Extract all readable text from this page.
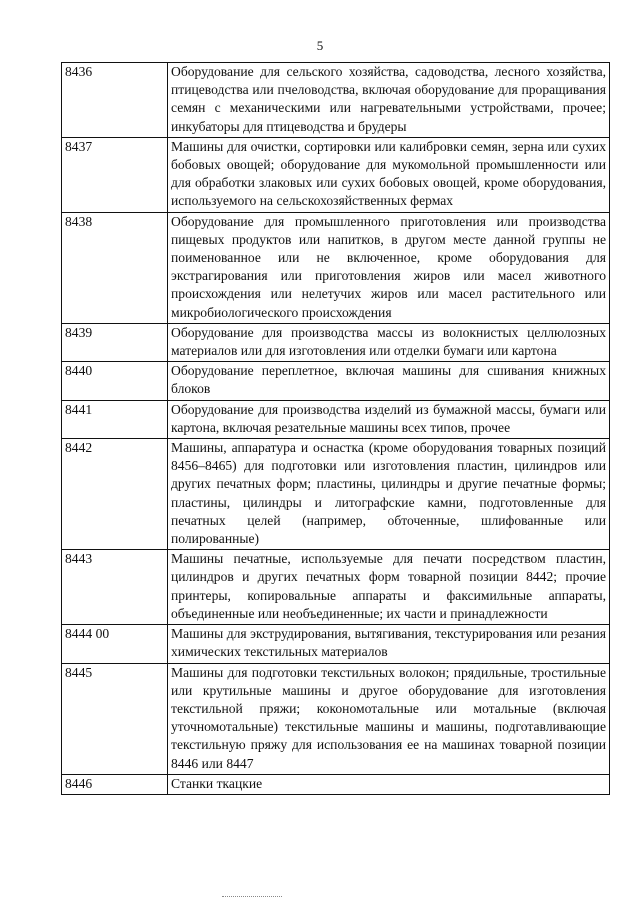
5
8436	Оборудование для сельского хозяйства, садоводства, лесного хозяйства, птицеводства или пчеловодства, включая оборудование для проращивания семян с механическими или нагревательными устройствами, прочее; инкубаторы для птицеводства и брудеры
8437	Машины для очистки, сортировки или калибровки семян, зерна или сухих бобовых овощей; оборудование для мукомольной промышленности или для обработки злаковых или сухих бобовых овощей, кроме оборудования, используемого на сельскохозяйственных фермах
8438	Оборудование для промышленного приготовления или производства пищевых продуктов или напитков, в другом месте данной группы не поименованное или не включенное, кроме оборудования для экстрагирования или приготовления жиров или масел животного происхождения или нелетучих жиров или масел растительного или микробиологического происхождения
8439	Оборудование для производства массы из волокнистых целлюлозных материалов или для изготовления или отделки бумаги или картона
8440	Оборудование переплетное, включая машины для сшивания книжных блоков
8441	Оборудование для производства изделий из бумажной массы, бумаги или картона, включая резательные машины всех типов, прочее
8442	Машины, аппаратура и оснастка (кроме оборудования товарных позиций 8456–8465) для подготовки или изготовления пластин, цилиндров или других печатных форм; пластины, цилиндры и другие печатные формы; пластины, цилиндры и литографские камни, подготовленные для печатных целей (например, обточенные, шлифованные или полированные)
8443	Машины печатные, используемые для печати посредством пластин, цилиндров и других печатных форм товарной позиции 8442; прочие принтеры, копировальные аппараты и факсимильные аппараты, объединенные или необъединенные; их части и принадлежности
8444 00	Машины для экструдирования, вытягивания, текстурирования или резания химических текстильных материалов
8445	Машины для подготовки текстильных волокон; прядильные, тростильные или крутильные машины и другое оборудование для изготовления текстильной пряжи; кокономотальные или мотальные (включая уточномотальные) текстильные машины и машины, подготавливающие текстильную пряжу для использования ее на машинах товарной позиции 8446 или 8447
8446	Станки ткацкие
